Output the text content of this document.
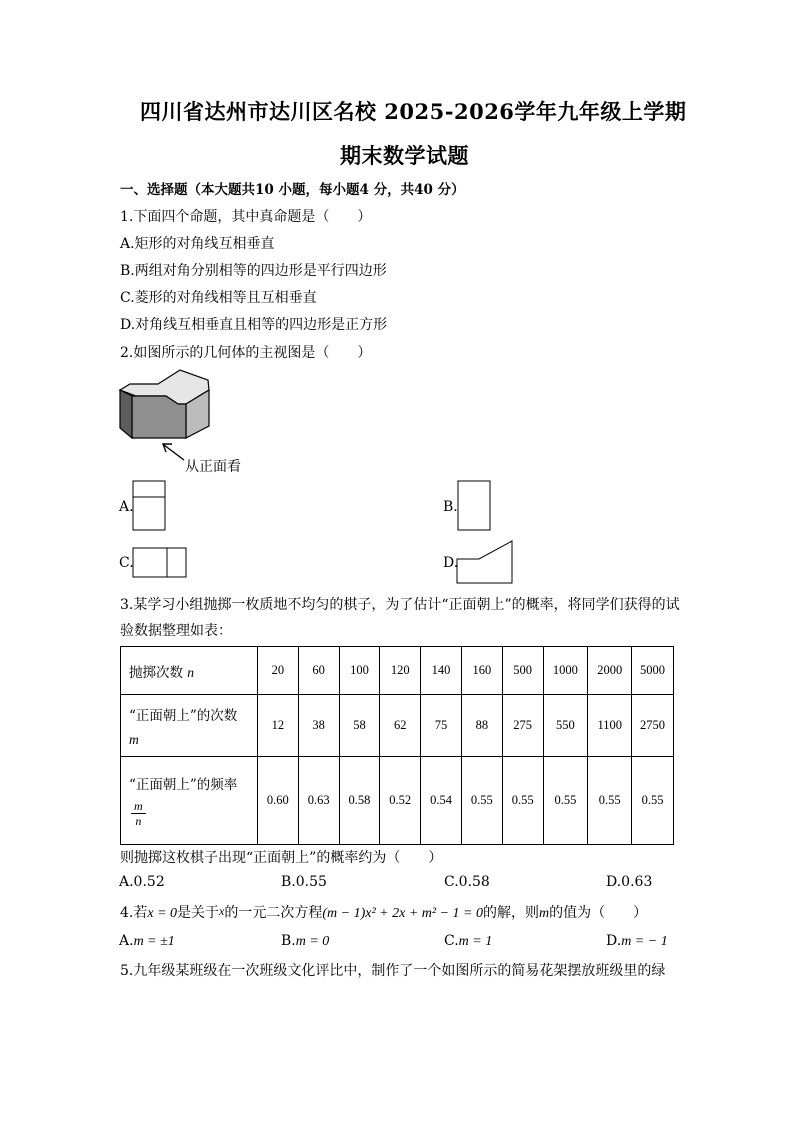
四川省达州市达川区名校 2025-2026学年九年级上学期
期末数学试题
一、选择题（本大题共10 小题，每小题4 分，共40 分）
1.下面四个命题，其中真命题是（　　）
A.矩形的对角线互相垂直
B.两组对角分别相等的四边形是平行四边形
C.菱形的对角线相等且互相垂直
D.对角线互相垂直且相等的四边形是正方形
2.如图所示的几何体的主视图是（　　）
从正面看
A.	B.
C.	D.
3.某学习小组抛掷一枚质地不均匀的棋子，为了估计“正面朝上”的概率，将同学们获得的试
验数据整理如表：
抛掷次数 n	20	60	100	120	140	160	500	1000	2000	5000

“正面朝上”的次数
m	12	38	58	62	75	88	275	550	1100	2750

“正面朝上”的频率
$\frac{m}{n}$	0.60	0.63	0.58	0.52	0.54	0.55	0.55	0.55	0.55	0.55
则抛掷这枚棋子出现“正面朝上”的概率约为（　　）
A.0.52	B.0.55	C.0.58	D.0.63
4.若x = 0是关于x的一元二次方程(m − 1)x² + 2x + m² − 1 = 0的解，则m的值为（　　）
A.m = ±1	B.m = 0	C.m = 1	D.m = − 1
5.九年级某班级在一次班级文化评比中，制作了一个如图所示的简易花架摆放班级里的绿
